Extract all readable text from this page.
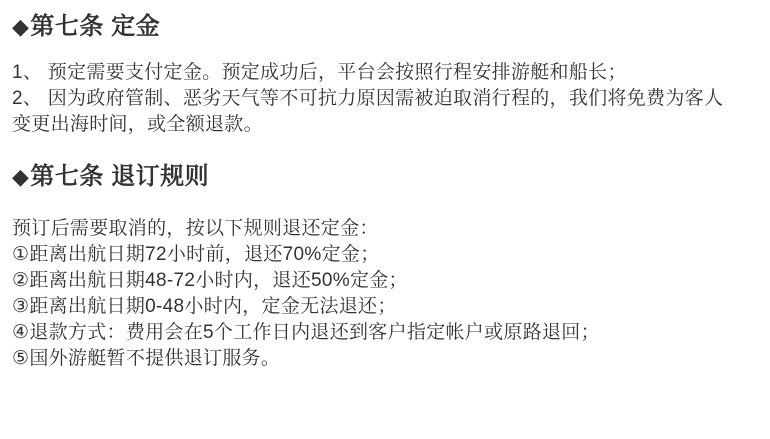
◆ 第七条 定金

1、 预定需要支付定金。预定成功后，平台会按照行程安排游艇和船长；

2、 因为政府管制、恶劣天气等不可抗力原因需被迫取消行程的，我们将免费为客人

变更出海时间，或全额退款。

◆ 第七条 退订规则

预订后需要取消的，按以下规则退还定金：

①距离出航日期72小时前，退还70%定金；

②距离出航日期48-72小时内，退还50%定金；

③距离出航日期0-48小时内，定金无法退还；

④退款方式：费用会在5个工作日内退还到客户指定帐户或原路退回；

⑤国外游艇暂不提供退订服务。
